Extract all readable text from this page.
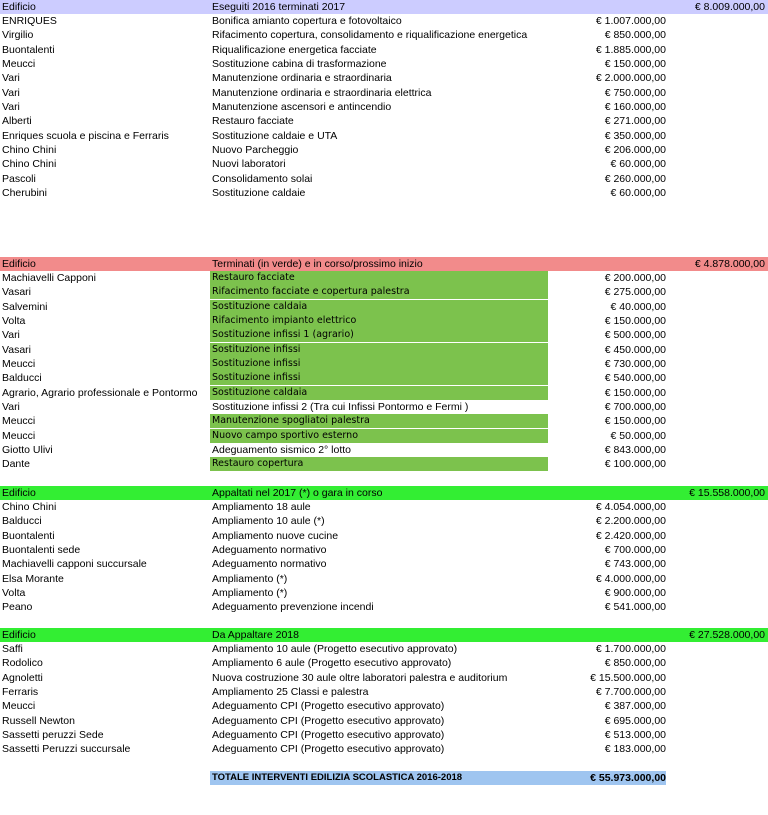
Edificio	Eseguiti 2016 terminati 2017	€ 8.009.000,00
ENRIQUES	Bonifica amianto copertura e fotovoltaico	€ 1.007.000,00
Virgilio	Rifacimento copertura, consolidamento e riqualificazione energetica	€ 850.000,00
Buontalenti	Riqualificazione energetica facciate	€ 1.885.000,00
Meucci	Sostituzione cabina di trasformazione	€ 150.000,00
Vari	Manutenzione ordinaria e straordinaria	€ 2.000.000,00
Vari	Manutenzione ordinaria e straordinaria elettrica	€ 750.000,00
Vari	Manutenzione ascensori e antincendio	€ 160.000,00
Alberti	Restauro facciate	€ 271.000,00
Enriques scuola e piscina e Ferraris	Sostituzione caldaie e UTA	€ 350.000,00
Chino Chini	Nuovo Parcheggio	€ 206.000,00
Chino Chini	Nuovi laboratori	€ 60.000,00
Pascoli	Consolidamento solai	€ 260.000,00
Cherubini	Sostituzione caldaie	€ 60.000,00
Edificio	Terminati (in verde) e in corso/prossimo inizio	€ 4.878.000,00
Machiavelli Capponi	Restauro facciate	€ 200.000,00
Vasari	Rifacimento facciate e copertura palestra	€ 275.000,00
Salvemini	Sostituzione caldaia	€ 40.000,00
Volta	Rifacimento impianto elettrico	€ 150.000,00
Vari	Sostituzione infissi 1 (agrario)	€ 500.000,00
Vasari	Sostituzione infissi	€ 450.000,00
Meucci	Sostituzione infissi	€ 730.000,00
Balducci	Sostituzione infissi	€ 540.000,00
Agrario, Agrario professionale e Pontormo	Sostituzione caldaia	€ 150.000,00
Vari	Sostituzione infissi 2 (Tra cui Infissi Pontormo e Fermi )	€ 700.000,00
Meucci	Manutenzione spogliatoi palestra	€ 150.000,00
Meucci	Nuovo campo sportivo esterno	€ 50.000,00
Giotto Ulivi	Adeguamento sismico 2° lotto	€ 843.000,00
Dante	Restauro copertura	€ 100.000,00
Edificio	Appaltati nel 2017 (*) o gara in corso	€ 15.558.000,00
Chino Chini	Ampliamento 18 aule	€ 4.054.000,00
Balducci	Ampliamento 10 aule (*)	€ 2.200.000,00
Buontalenti	Ampliamento nuove cucine	€ 2.420.000,00
Buontalenti sede	Adeguamento normativo	€ 700.000,00
Machiavelli capponi succursale	Adeguamento normativo	€ 743.000,00
Elsa Morante	Ampliamento (*)	€ 4.000.000,00
Volta	Ampliamento (*)	€ 900.000,00
Peano	Adeguamento prevenzione incendi	€ 541.000,00
Edificio	Da Appaltare 2018	€ 27.528.000,00
Saffi	Ampliamento 10 aule (Progetto esecutivo approvato)	€ 1.700.000,00
Rodolico	Ampliamento 6 aule (Progetto esecutivo approvato)	€ 850.000,00
Agnoletti	Nuova costruzione 30 aule oltre laboratori palestra e auditorium	€ 15.500.000,00
Ferraris	Ampliamento 25 Classi e palestra	€ 7.700.000,00
Meucci	Adeguamento CPI (Progetto esecutivo approvato)	€ 387.000,00
Russell Newton	Adeguamento CPI (Progetto esecutivo approvato)	€ 695.000,00
Sassetti peruzzi Sede	Adeguamento CPI (Progetto esecutivo approvato)	€ 513.000,00
Sassetti Peruzzi succursale	Adeguamento CPI (Progetto esecutivo approvato)	€ 183.000,00
TOTALE INTERVENTI EDILIZIA SCOLASTICA 2016-2018	€ 55.973.000,00
